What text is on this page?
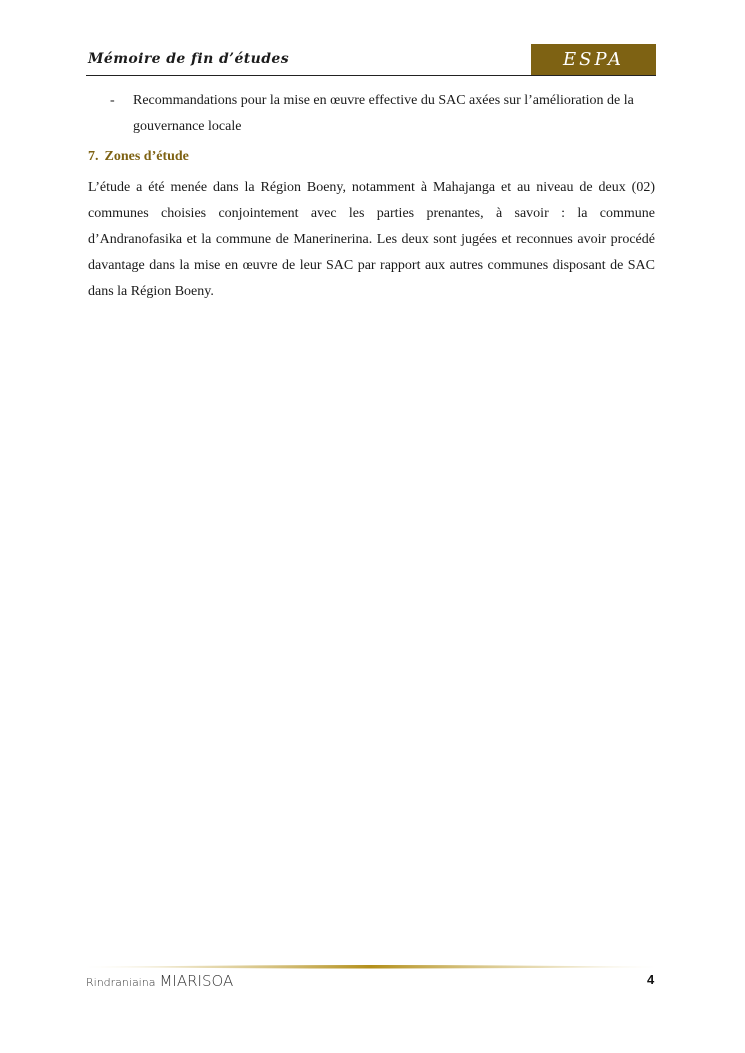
Mémoire de fin d’études	ESPA
- Recommandations pour la mise en œuvre effective du SAC axées sur l’amélioration de la gouvernance locale
7. Zones d’étude
L’étude a été menée dans la Région Boeny, notamment à Mahajanga et au niveau de deux (02) communes choisies conjointement avec les parties prenantes, à savoir : la commune d’Andranofasika et la commune de Manerinerina. Les deux sont jugées et reconnues avoir procédé davantage dans la mise en œuvre de leur SAC par rapport aux autres communes disposant de SAC dans la Région Boeny.
Rindraniaina MIARISOA	4
